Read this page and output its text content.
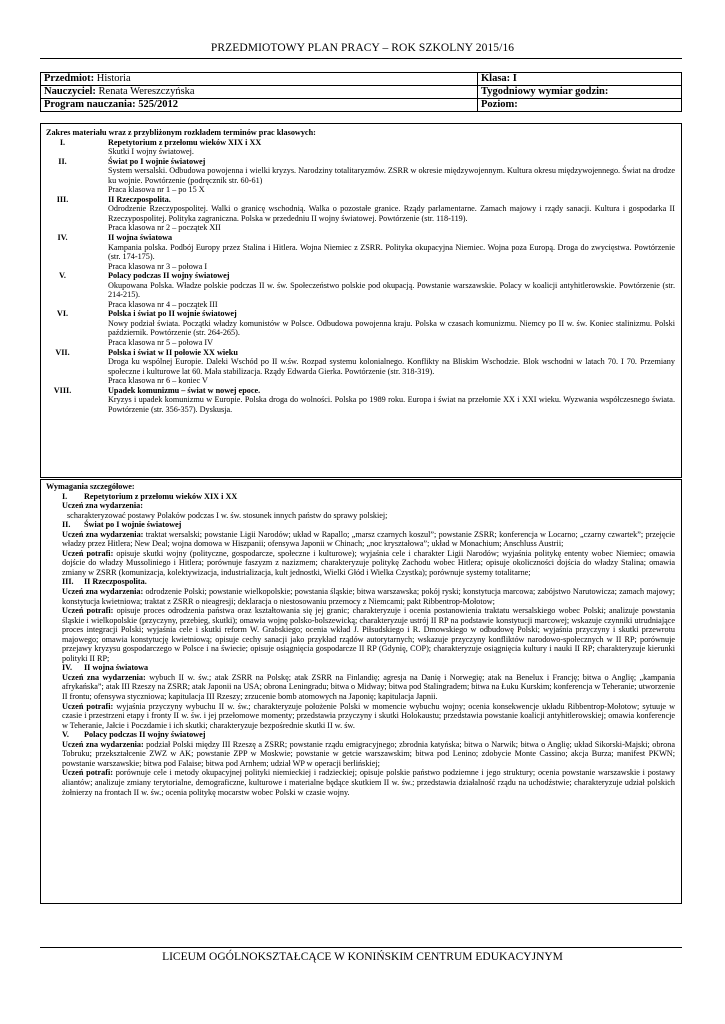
PRZEDMIOTOWY PLAN PRACY – ROK SZKOLNY 2015/16
Przedmiot: Historia	Klasa: I
Nauczyciel: Renata Wereszczyńska	Tygodniowy wymiar godzin:
Program nauczania: 525/2012	Poziom:
Zakres materiału wraz z przybliżonym rozkładem terminów prac klasowych:
I.	Repetytorium z przełomu wieków XIX i XX
Skutki I wojny światowej.
II.	Świat po I wojnie światowej
System wersalski. Odbudowa powojenna i wielki kryzys. Narodziny totalitaryzmów. ZSRR w okresie międzywojennym. Kultura okresu międzywojennego. Świat na drodze ku wojnie. Powtórzenie (podręcznik str. 60-61)
Praca klasowa nr 1 – po 15 X
III.	II Rzeczpospolita.
Odrodzenie Rzeczypospolitej. Walki o granicę wschodnią. Walka o pozostałe granice. Rządy parlamentarne. Zamach majowy i rządy sanacji. Kultura i gospodarka II Rzeczypospolitej. Polityka zagraniczna. Polska w przededniu II wojny światowej. Powtórzenie (str. 118-119).
Praca klasowa nr 2 – początek XII
IV.	II wojna światowa
Kampania polska. Podbój Europy przez Stalina i Hitlera. Wojna Niemiec z ZSRR. Polityka okupacyjna Niemiec. Wojna poza Europą. Droga do zwycięstwa. Powtórzenie (str. 174-175).
Praca klasowa nr 3 – połowa I
V.	Polacy podczas II wojny światowej
Okupowana Polska. Władze polskie podczas II w. św. Społeczeństwo polskie pod okupacją. Powstanie warszawskie. Polacy w koalicji antyhitlerowskie. Powtórzenie (str. 214-215).
Praca klasowa nr 4 – początek III
VI.	Polska i świat po II wojnie światowej
Nowy podział świata. Początki władzy komunistów w Polsce. Odbudowa powojenna kraju. Polska w czasach komunizmu. Niemcy po II w. św. Koniec stalinizmu. Polski październik. Powtórzenie (str. 264-265).
Praca klasowa nr 5 – połowa IV
VII.	Polska i świat w II połowie XX wieku
Droga ku wspólnej Europie. Daleki Wschód po II w.św. Rozpad systemu kolonialnego. Konflikty na Bliskim Wschodzie. Blok wschodni w latach 70. I 70. Przemiany społeczne i kulturowe lat 60. Mała stabilizacja. Rządy Edwarda Gierka. Powtórzenie (str. 318-319).
Praca klasowa nr 6 – koniec V
VIII.	Upadek komunizmu – świat w nowej epoce.
Kryzys i upadek komunizmu w Europie. Polska droga do wolności. Polska po 1989 roku. Europa i świat na przełomie XX i XXI wieku. Wyzwania współczesnego świata. Powtórzenie (str. 356-357). Dyskusja.
Wymagania szczegółowe:
I. Repetytorium z przełomu wieków XIX i XX
Uczeń zna wydarzenia:
scharakteryzować postawy Polaków podczas I w. św. stosunek innych państw do sprawy polskiej;
II. Świat po I wojnie światowej
Uczeń zna wydarzenia: traktat wersalski; powstanie Ligii Narodów; układ w Rapallo; „marsz czarnych koszul”; powstanie ZSRR; konferencja w Locarno; „czarny czwartek”; przejęcie władzy przez Hitlera; New Deal; wojna domowa w Hiszpanii; ofensywa Japonii w Chinach; „noc kryształowa”; układ w Monachium; Anschluss Austrii;
Uczeń potrafi: opisuje skutki wojny (polityczne, gospodarcze, społeczne i kulturowe); wyjaśnia cele i charakter Ligii Narodów; wyjaśnia politykę ententy wobec Niemiec; omawia dojście do władzy Mussoliniego i Hitlera; porównuje faszyzm z nazizmem; charakteryzuje politykę Zachodu wobec Hitlera; opisuje okoliczności dojścia do władzy Stalina; omawia zmiany w ZSRR (komunizacja, kolektywizacja, industrializacja, kult jednostki, Wielki Głód i Wielka Czystka); porównuje systemy totalitarne;
III. II Rzeczpospolita.
Uczeń zna wydarzenia: odrodzenie Polski; powstanie wielkopolskie; powstania śląskie; bitwa warszawska; pokój ryski; konstytucja marcowa; zabójstwo Narutowicza; zamach majowy; konstytucja kwietniowa; traktat z ZSRR o nieagresji; deklaracja o niestosowaniu przemocy z Niemcami; pakt Ribbentrop-Mołotow;
Uczeń potrafi: opisuje proces odrodzenia państwa oraz kształtowania się jej granic; charakteryzuje i ocenia postanowienia traktatu wersalskiego wobec Polski; analizuje powstania śląskie i wielkopolskie (przyczyny, przebieg, skutki); omawia wojnę polsko-bolszewicką; charakteryzuje ustrój II RP na podstawie konstytucji marcowej; wskazuje czynniki utrudniające proces integracji Polski; wyjaśnia cele i skutki reform W. Grabskiego; ocenia wkład J. Piłsudskiego i R. Dmowskiego w odbudowę Polski; wyjaśnia przyczyny i skutki przewrotu majowego; omawia konstytucję kwietniową; opisuje cechy sanacji jako przykład rządów autorytarnych; wskazuje przyczyny konfliktów narodowo-społecznych w II RP; porównuje przejawy kryzysu gospodarczego w Polsce i na świecie; opisuje osiągnięcia gospodarcze II RP (Gdynię, COP); charakteryzuje osiągnięcia kultury i nauki II RP; charakteryzuje kierunki polityki II RP;
IV. II wojna światowa
Uczeń zna wydarzenia: wybuch II w. św.; atak ZSRR na Polskę; atak ZSRR na Finlandię; agresja na Danię i Norwegię; atak na Benelux i Francję; bitwa o Anglię; „kampania afrykańska”; atak III Rzeszy na ZSRR; atak Japonii na USA; obrona Leningradu; bitwa o Midway; bitwa pod Stalingradem; bitwa na Łuku Kurskim; konferencja w Teheranie; utworzenie II frontu; ofensywa styczniowa; kapitulacja III Rzeszy; zrzucenie bomb atomowych na Japonię; kapitulacja Japnii.
Uczeń potrafi: wyjaśnia przyczyny wybuchu II w. św.; charakteryzuje położenie Polski w momencie wybuchu wojny; ocenia konsekwencje układu Ribbentrop-Mołotow; sytuuje w czasie i przestrzeni etapy i fronty II w. św. i jej przełomowe momenty; przedstawia przyczyny i skutki Holokaustu; przedstawia powstanie koalicji antyhitlerowskiej; omawia konferencje w Teheranie, Jałcie i Poczdamie i ich skutki; charakteryzuje bezpośrednie skutki II w. św.
V. Polacy podczas II wojny światowej
Uczeń zna wydarzenia: podział Polski między III Rzeszę a ZSRR; powstanie rządu emigracyjnego; zbrodnia katyńska; bitwa o Narwik; bitwa o Anglię; układ Sikorski-Majski; obrona Tobruku; przekształcenie ZWZ w AK; powstanie ZPP w Moskwie; powstanie w getcie warszawskim; bitwa pod Lenino; zdobycie Monte Cassino; akcja Burza; manifest PKWN; powstanie warszawskie; bitwa pod Falaise; bitwa pod Arnhem; udział WP w operacji berlińskiej;
Uczeń potrafi: porównuje cele i metody okupacyjnej polityki niemieckiej i radzieckiej; opisuje polskie państwo podziemne i jego struktury; ocenia powstanie warszawskie i postawy aliantów; analizuje zmiany terytorialne, demograficzne, kulturowe i materialne będące skutkiem II w. św.; przedstawia działalność rządu na uchodźstwie; charakteryzuje udział polskich żołnierzy na frontach II w. św.; ocenia politykę mocarstw wobec Polski w czasie wojny.
LICEUM OGÓLNOKSZTAŁCĄCE W KONIŃSKIM CENTRUM EDUKACYJNYM
